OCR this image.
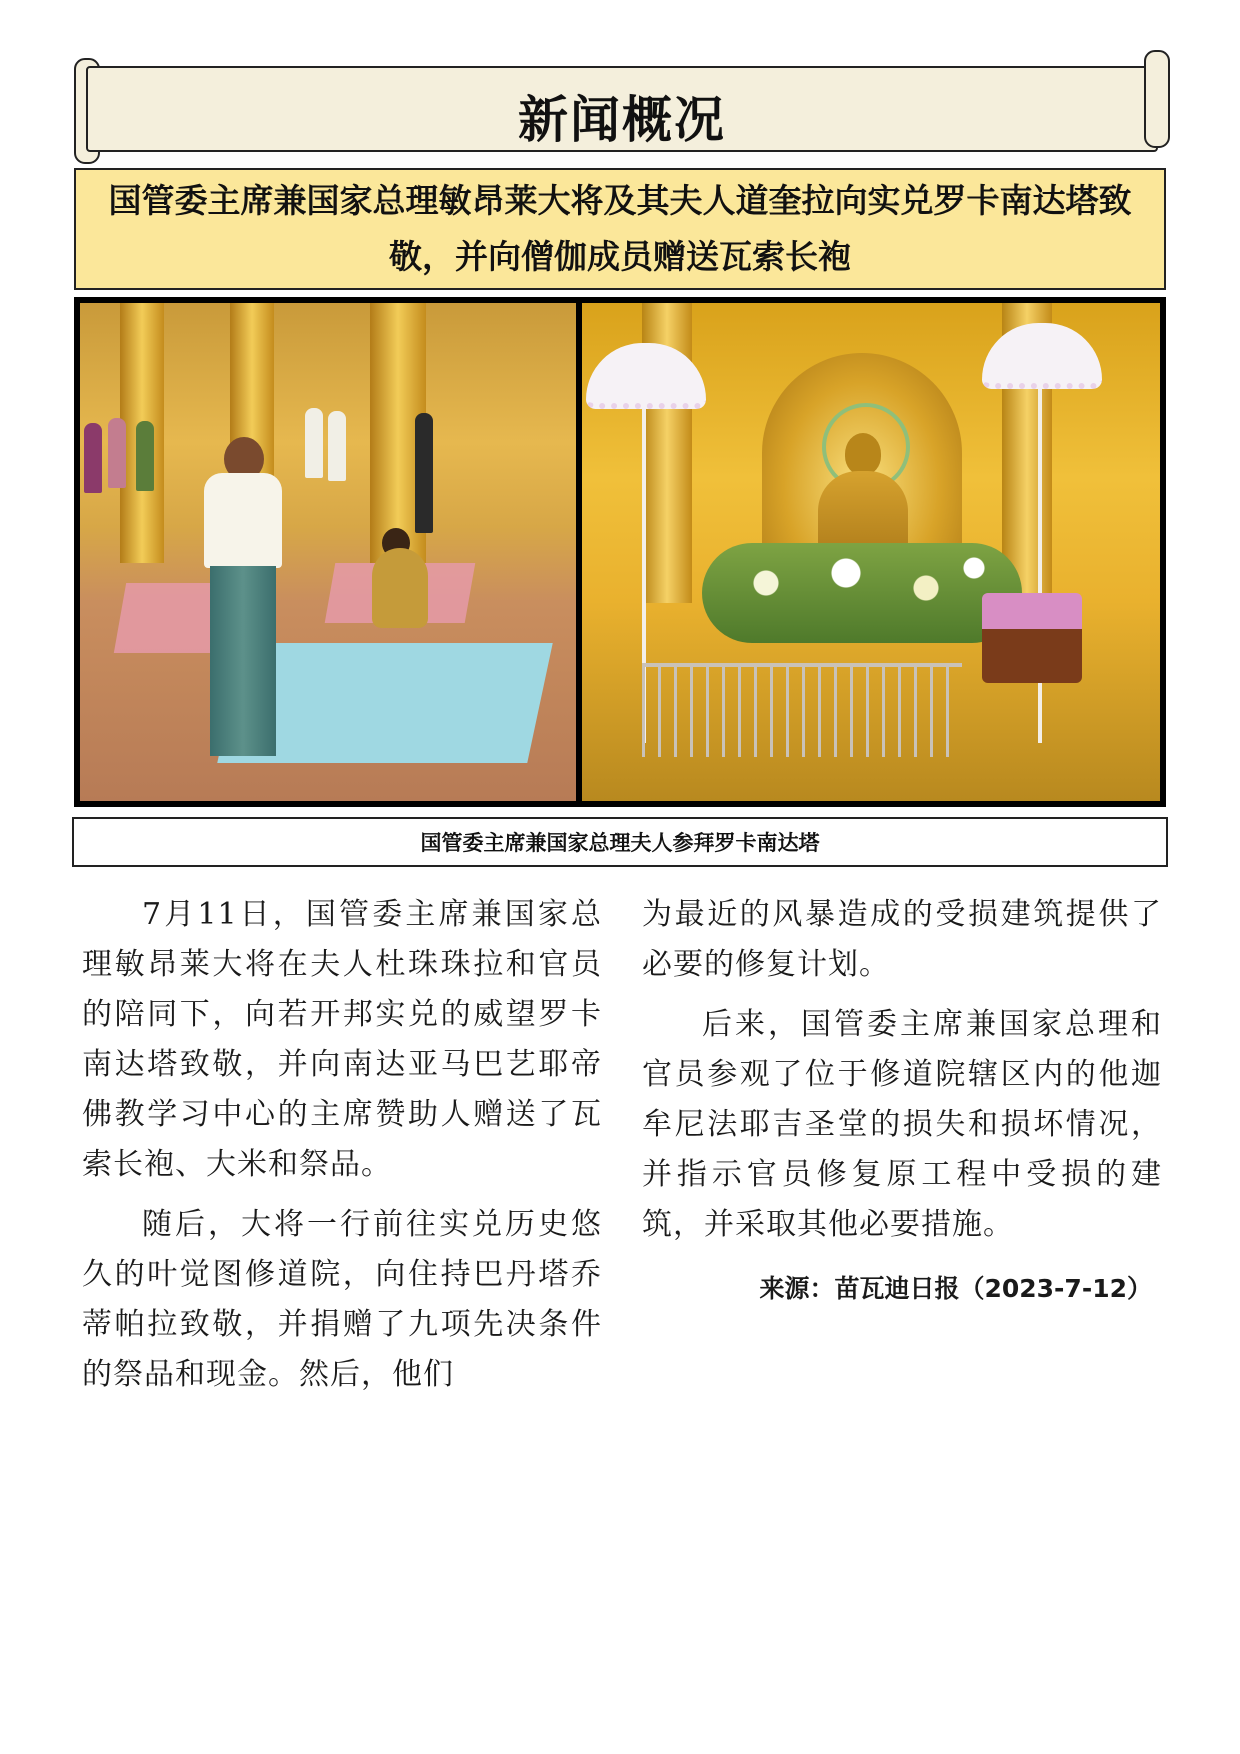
新闻概况
国管委主席兼国家总理敏昂莱大将及其夫人道奎拉向实兑罗卡南达塔致敬，并向僧伽成员赠送瓦索长袍
国管委主席兼国家总理夫人参拜罗卡南达塔

7月11日，国管委主席兼国家总理敏昂莱大将在夫人杜珠珠拉和官员的陪同下，向若开邦实兑的威望罗卡南达塔致敬，并向南达亚马巴艺耶帝佛教学习中心的主席赞助人赠送了瓦索长袍、大米和祭品。

随后，大将一行前往实兑历史悠久的叶觉图修道院，向住持巴丹塔乔蒂帕拉致敬，并捐赠了九项先决条件的祭品和现金。然后，他们

为最近的风暴造成的受损建筑提供了必要的修复计划。

后来，国管委主席兼国家总理和官员参观了位于修道院辖区内的他迦牟尼法耶吉圣堂的损失和损坏情况，并指示官员修复原工程中受损的建筑，并采取其他必要措施。

来源：苗瓦迪日报（2023-7-12）
